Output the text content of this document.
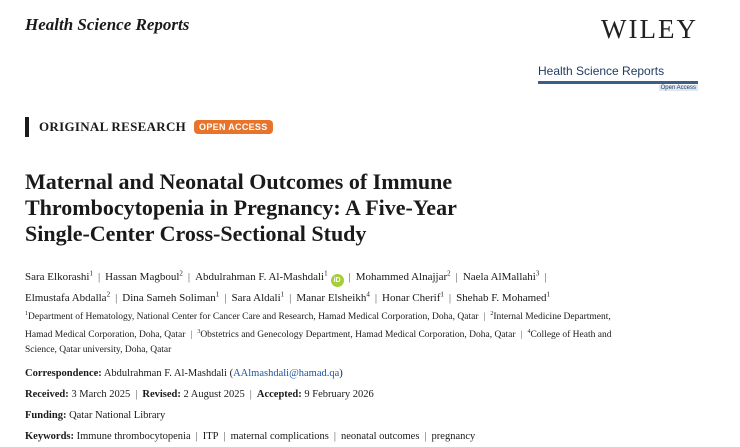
Health Science Reports	WILEY
Health Science Reports
Open Access
ORIGINAL RESEARCH	OPEN ACCESS
Maternal and Neonatal Outcomes of Immune
Thrombocytopenia in Pregnancy: A Five-Year
Single-Center Cross-Sectional Study
Sara Elkorashi$^1$ | Hassan Magboul$^2$ | Abdulrahman F. Al-Mashdali$^1$iD | Mohammed Alnajjar$^2$ | Naela AlMallahi$^3$ |
Elmustafa Abdalla$^2$ | Dina Sameh Soliman$^1$ | Sara Aldali$^1$ | Manar Elsheikh$^4$ | Honar Cherif$^1$ | Shehab F. Mohamed$^1$
$^1$Department of Hematology, National Center for Cancer Care and Research, Hamad Medical Corporation, Doha, Qatar | $^2$Internal Medicine Department,
Hamad Medical Corporation, Doha, Qatar | $^3$Obstetrics and Genecology Department, Hamad Medical Corporation, Doha, Qatar | $^4$College of Heath and
Science, Qatar university, Doha, Qatar
Correspondence: Abdulrahman F. Al-Mashdali (AAlmashdali@hamad.qa)
Received: 3 March 2025 | Revised: 2 August 2025 | Accepted: 9 February 2026
Funding: Qatar National Library
Keywords: Immune thrombocytopenia | ITP | maternal complications | neonatal outcomes | pregnancy
